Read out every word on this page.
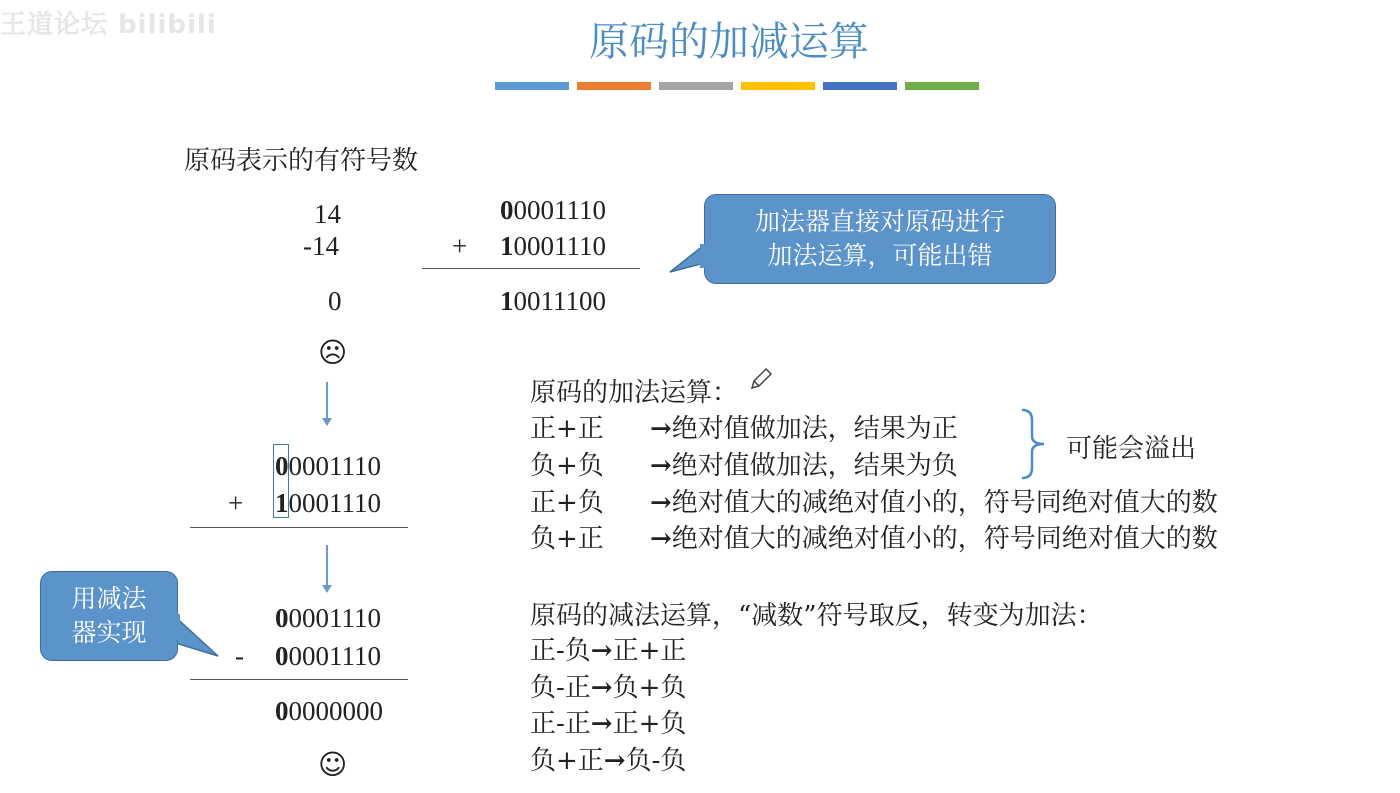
王道论坛 bilibili	原码的加减运算
原码表示的有符号数
14
-14
0
☹
00001110
+ 10001110
10011100
加法器直接对原码进行
加法运算，可能出错
00001110
+ 10001110
用减法
器实现	00001110
- 00001110
00000000
☺
原码的加法运算：
正+正 →绝对值做加法，结果为正
负+负 →绝对值做加法，结果为负
正+负 →绝对值大的减绝对值小的，符号同绝对值大的数
负+正 →绝对值大的减绝对值小的，符号同绝对值大的数
可能会溢出
原码的减法运算，“减数”符号取反，转变为加法：
正-负→正+正
负-正→负+负
正-正→正+负
负+正→负-负
